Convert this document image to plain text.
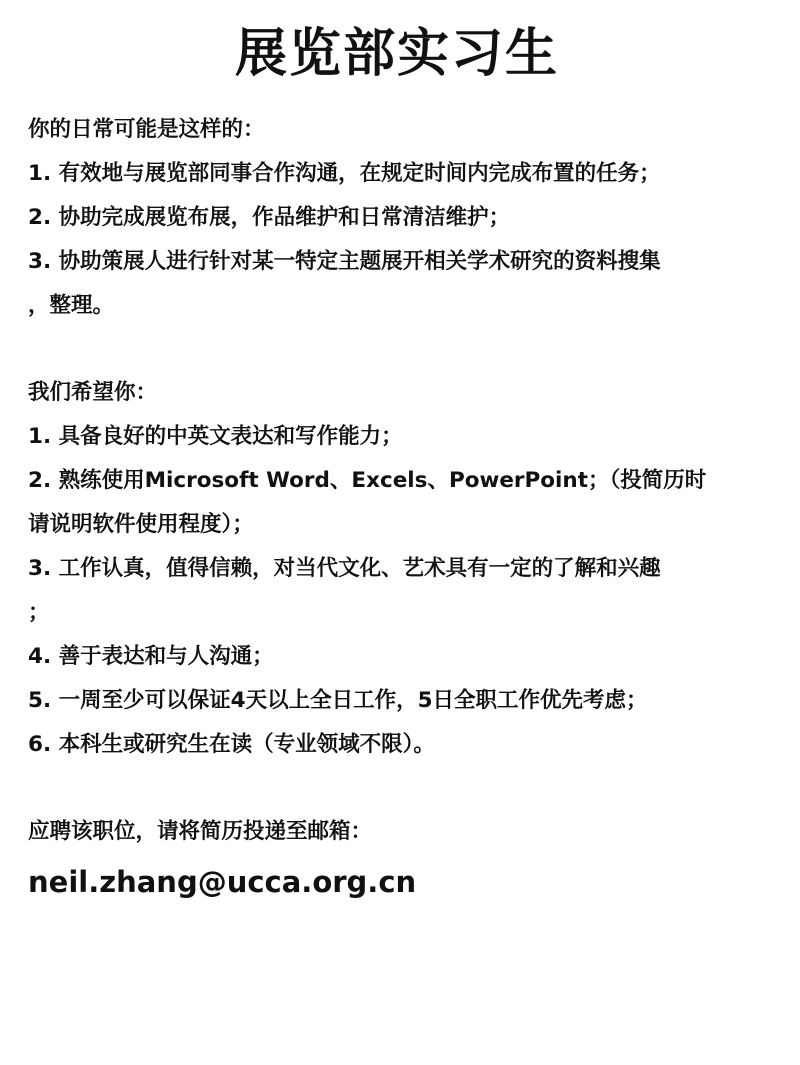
展览部实习生
你的日常可能是这样的：
1. 有效地与展览部同事合作沟通，在规定时间内完成布置的任务；
2. 协助完成展览布展，作品维护和日常清洁维护；
3. 协助策展人进行针对某一特定主题展开相关学术研究的资料搜集
，整理。
我们希望你：
1. 具备良好的中英文表达和写作能力；
2. 熟练使用Microsoft Word、Excels、PowerPoint；（投简历时
请说明软件使用程度）；
3. 工作认真，值得信赖，对当代文化、艺术具有一定的了解和兴趣
；
4. 善于表达和与人沟通；
5. 一周至少可以保证4天以上全日工作，5日全职工作优先考虑；
6. 本科生或研究生在读（专业领域不限）。
应聘该职位，请将简历投递至邮箱：
neil.zhang@ucca.org.cn
